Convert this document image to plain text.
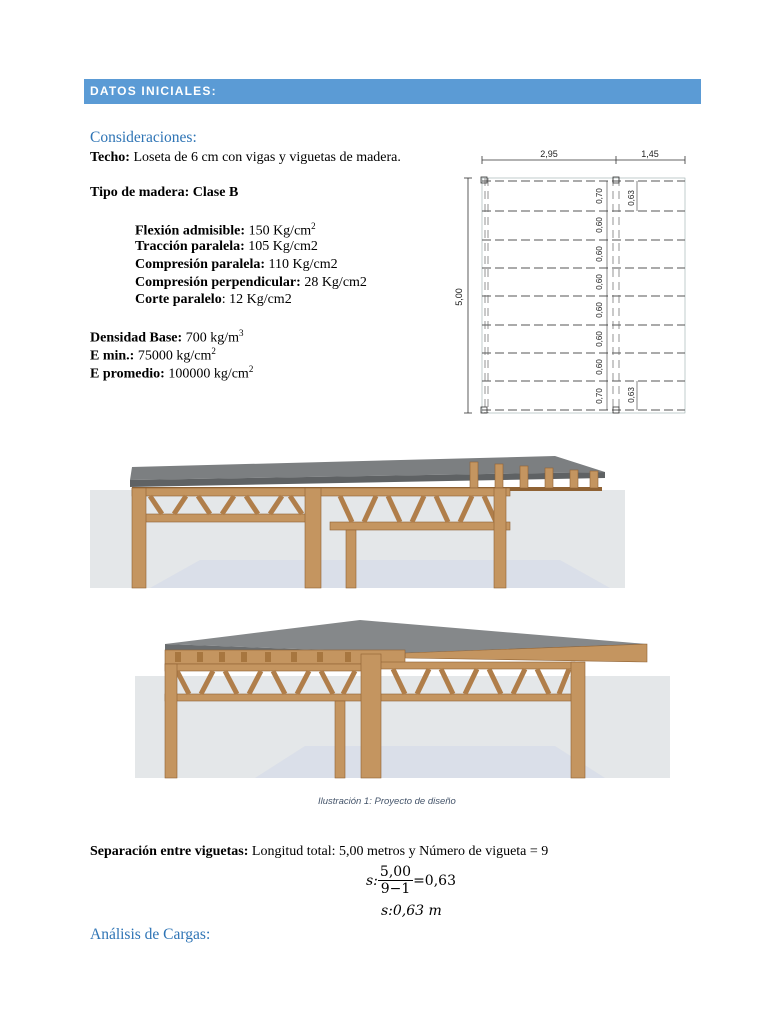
DATOS INICIALES:
Consideraciones:
Techo: Loseta de 6 cm con vigas y viguetas de madera.
Tipo de madera: Clase B
Flexión admisible: 150 $Kg/cm^2$
Tracción paralela: 105 Kg/cm2
Compresión paralela: 110 Kg/cm2
Compresión perpendicular: 28 Kg/cm2
Corte paralelo: 12 Kg/cm2
Densidad Base: 700 $kg/m^3$
E min.: 75000 $kg/cm^2$
E promedio: 100000 $kg/cm^2$
2,95	1,45
5,00
0,70
0,60
0,60
0,60
0,60
0,60
0,60
0,70
0,63
0,63
Ilustración 1: Proyecto de diseño
Separación entre viguetas: Longitud total: 5,00 metros y Número de vigueta = 9
s: $\frac{5,00}{9-1} =0,63$
s:0,63 m
Análisis de Cargas:
